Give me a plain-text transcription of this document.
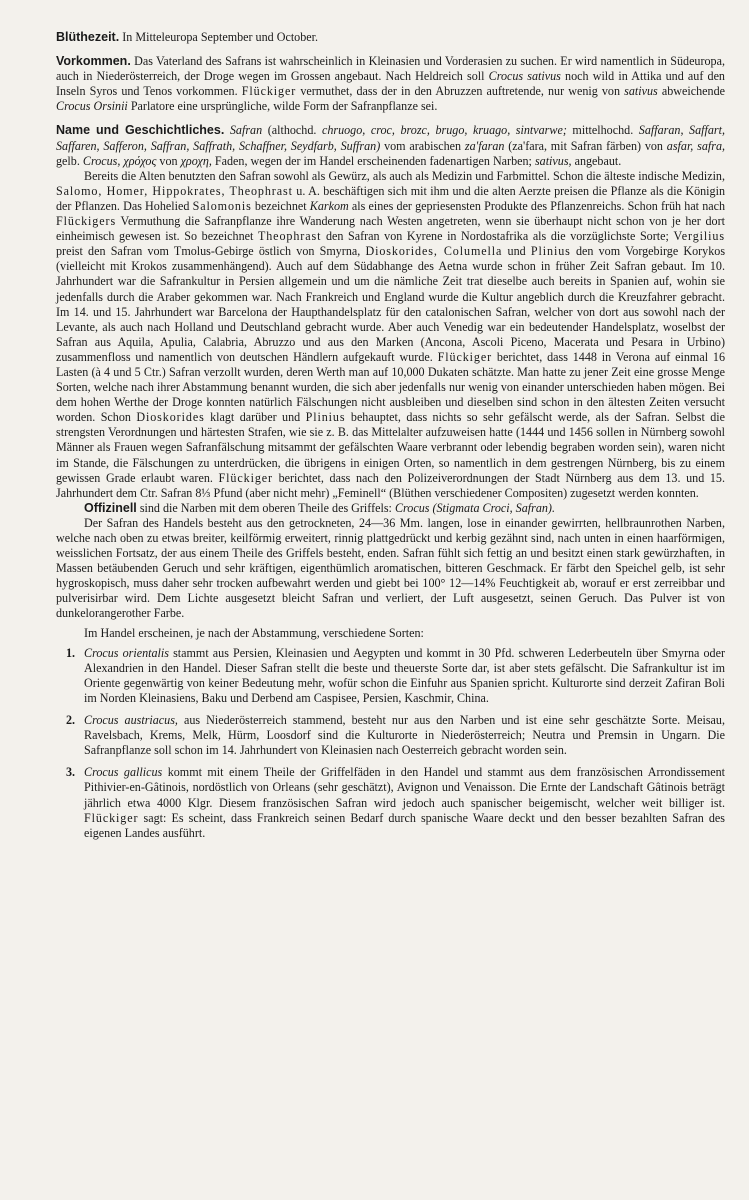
Blüthezeit. In Mitteleuropa September und October.

Vorkommen. Das Vaterland des Safrans ist wahrscheinlich in Kleinasien und Vorderasien zu suchen. Er wird namentlich in Südeuropa, auch in Niederösterreich, der Droge wegen im Grossen angebaut. Nach Heldreich soll Crocus sativus noch wild in Attika und auf den Inseln Syros und Tenos vorkommen. Flückiger vermuthet, dass der in den Abruzzen auftretende, nur wenig von sativus abweichende Crocus Orsinii Parlatore eine ursprüngliche, wilde Form der Safranpflanze sei.

Name und Geschichtliches. Safran (althochd. chruogo, croc, brozc, brugo, kruago, sintvarwe; mittelhochd. Saffaran, Saffart, Saffaren, Safferon, Saffran, Saffrath, Schaffner, Seydfarb, Suffran) vom arabischen za'faran (za'fara, mit Safran färben) von asfar, safra, gelb. Crocus, χρόχος von χροχη, Faden, wegen der im Handel erscheinenden fadenartigen Narben; sativus, angebaut.

Bereits die Alten benutzten den Safran sowohl als Gewürz, als auch als Medizin und Farbmittel. Schon die älteste indische Medizin, Salomo, Homer, Hippokrates, Theophrast u. A. beschäftigen sich mit ihm und die alten Aerzte preisen die Pflanze als die Königin der Pflanzen. Das Hohelied Salomonis bezeichnet Karkom als eines der gepriesensten Produkte des Pflanzenreichs. Schon früh hat nach Flückigers Vermuthung die Safranpflanze ihre Wanderung nach Westen angetreten, wenn sie überhaupt nicht schon von je her dort einheimisch gewesen ist. So bezeichnet Theophrast den Safran von Kyrene in Nordostafrika als die vorzüglichste Sorte; Vergilius preist den Safran vom Tmolus-Gebirge östlich von Smyrna, Dioskorides, Columella und Plinius den vom Vorgebirge Korykos (vielleicht mit Krokos zusammenhängend). Auch auf dem Südabhange des Aetna wurde schon in früher Zeit Safran gebaut. Im 10. Jahrhundert war die Safrankultur in Persien allgemein und um die nämliche Zeit trat dieselbe auch bereits in Spanien auf, wohin sie jedenfalls durch die Araber gekommen war. Nach Frankreich und England wurde die Kultur angeblich durch die Kreuzfahrer gebracht. Im 14. und 15. Jahrhundert war Barcelona der Haupthandelsplatz für den catalonischen Safran, welcher von dort aus sowohl nach der Levante, als auch nach Holland und Deutschland gebracht wurde. Aber auch Venedig war ein bedeutender Handelsplatz, woselbst der Safran aus Aquila, Apulia, Calabria, Abruzzo und aus den Marken (Ancona, Ascoli Piceno, Macerata und Pesara in Urbino) zusammenfloss und namentlich von deutschen Händlern aufgekauft wurde. Flückiger berichtet, dass 1448 in Verona auf einmal 16 Lasten (à 4 und 5 Ctr.) Safran verzollt wurden, deren Werth man auf 10,000 Dukaten schätzte. Man hatte zu jener Zeit eine grosse Menge Sorten, welche nach ihrer Abstammung benannt wurden, die sich aber jedenfalls nur wenig von einander unterschieden haben mögen. Bei dem hohen Werthe der Droge konnten natürlich Fälschungen nicht ausbleiben und dieselben sind schon in den ältesten Zeiten versucht worden. Schon Dioskorides klagt darüber und Plinius behauptet, dass nichts so sehr gefälscht werde, als der Safran. Selbst die strengsten Verordnungen und härtesten Strafen, wie sie z. B. das Mittelalter aufzuweisen hatte (1444 und 1456 sollen in Nürnberg sowohl Männer als Frauen wegen Safranfälschung mitsammt der gefälschten Waare verbrannt oder lebendig begraben worden sein), waren nicht im Stande, die Fälschungen zu unterdrücken, die übrigens in einigen Orten, so namentlich in dem gestrengen Nürnberg, bis zu einem gewissen Grade erlaubt waren. Flückiger berichtet, dass nach den Polizeiverordnungen der Stadt Nürnberg aus dem 13. und 15. Jahrhundert dem Ctr. Safran 8⅓ Pfund (aber nicht mehr) „Feminell“ (Blüthen verschiedener Compositen) zugesetzt werden konnten.

Offizinell sind die Narben mit dem oberen Theile des Griffels: Crocus (Stigmata Croci, Safran).

Der Safran des Handels besteht aus den getrockneten, 24—36 Mm. langen, lose in einander gewirrten, hellbraunrothen Narben, welche nach oben zu etwas breiter, keilförmig erweitert, rinnig plattgedrückt und kerbig gezähnt sind, nach unten in einen haarförmigen, weisslichen Fortsatz, der aus einem Theile des Griffels besteht, enden. Safran fühlt sich fettig an und besitzt einen stark gewürzhaften, in Massen betäubenden Geruch und sehr kräftigen, eigenthümlich aromatischen, bitteren Geschmack. Er färbt den Speichel gelb, ist sehr hygroskopisch, muss daher sehr trocken aufbewahrt werden und giebt bei 100° 12—14% Feuchtigkeit ab, worauf er erst zerreibbar und pulverisirbar wird. Dem Lichte ausgesetzt bleicht Safran und verliert, der Luft ausgesetzt, seinen Geruch. Das Pulver ist von dunkelorangerother Farbe.

Im Handel erscheinen, je nach der Abstammung, verschiedene Sorten:

1. Crocus orientalis stammt aus Persien, Kleinasien und Aegypten und kommt in 30 Pfd. schweren Lederbeuteln über Smyrna oder Alexandrien in den Handel. Dieser Safran stellt die beste und theuerste Sorte dar, ist aber stets gefälscht. Die Safrankultur ist im Oriente gegenwärtig von keiner Bedeutung mehr, wofür schon die Einfuhr aus Spanien spricht. Kulturorte sind derzeit Zafiran Boli im Norden Kleinasiens, Baku und Derbend am Caspisee, Persien, Kaschmir, China.
2. Crocus austriacus, aus Niederösterreich stammend, besteht nur aus den Narben und ist eine sehr geschätzte Sorte. Meisau, Ravelsbach, Krems, Melk, Hürm, Loosdorf sind die Kulturorte in Niederösterreich; Neutra und Premsin in Ungarn. Die Safranpflanze soll schon im 14. Jahrhundert von Kleinasien nach Oesterreich gebracht worden sein.
3. Crocus gallicus kommt mit einem Theile der Griffelfäden in den Handel und stammt aus dem französischen Arrondissement Pithivier-en-Gâtinois, nordöstlich von Orleans (sehr geschätzt), Avignon und Venaisson. Die Ernte der Landschaft Gâtinois beträgt jährlich etwa 4000 Klgr. Diesem französischen Safran wird jedoch auch spanischer beigemischt, welcher weit billiger ist. Flückiger sagt: Es scheint, dass Frankreich seinen Bedarf durch spanische Waare deckt und den besser bezahlten Safran des eigenen Landes ausführt.
